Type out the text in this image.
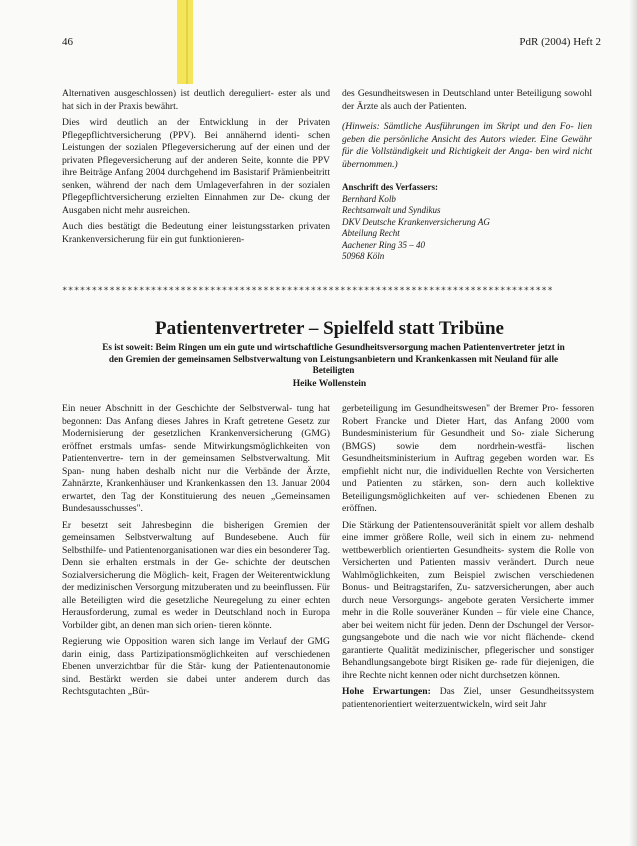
46	PdR (2004) Heft 2

Alternativen ausgeschlossen) ist deutlich dereguliert- ester als und hat sich in der Praxis bewährt.

Dies wird deutlich an der Entwicklung in der Privaten Pflegepflichtversicherung (PPV). Bei annähernd identi- schen Leistungen der sozialen Pflegeversicherung auf der einen und der privaten Pflegeversicherung auf der anderen Seite, konnte die PPV ihre Beiträge Anfang 2004 durchgehend im Basistarif Prämienbeitritt senken, während der nach dem Umlageverfahren in der sozialen Pflegepflichtversicherung erzielten Einnahmen zur De- ckung der Ausgaben nicht mehr ausreichen.

Auch dies bestätigt die Bedeutung einer leistungsstarken privaten Krankenversicherung für ein gut funktionieren-

des Gesundheitswesen in Deutschland unter Beteiligung sowohl der Ärzte als auch der Patienten.

(Hinweis: Sämtliche Ausführungen im Skript und den Fo- lien geben die persönliche Ansicht des Autors wieder. Eine Gewähr für die Vollständigkeit und Richtigkeit der Anga- ben wird nicht übernommen.)

Anschrift des Verfassers:
Bernhard Kolb
Rechtsanwalt und Syndikus
DKV Deutsche Krankenversicherung AG
Abteilung Recht
Aachener Ring 35 – 40
50968 Köln
***********************************************************************************
Patientenvertreter – Spielfeld statt Tribüne
Es ist soweit: Beim Ringen um ein gute und wirtschaftliche Gesundheitsversorgung machen Patientenvertreter jetzt in den Gremien der gemeinsamen Selbstverwaltung von Leistungsanbietern und Krankenkassen mit Neuland für alle Beteiligten
Heike Wollenstein

Ein neuer Abschnitt in der Geschichte der Selbstverwal- tung hat begonnen: Das Anfang dieses Jahres in Kraft getretene Gesetz zur Modernisierung der gesetzlichen Krankenversicherung (GMG) eröffnet erstmals umfas- sende Mitwirkungsmöglichkeiten von Patientenvertre- tern in der gemeinsamen Selbstverwaltung. Mit Span- nung haben deshalb nicht nur die Verbände der Ärzte, Zahnärzte, Krankenhäuser und Krankenkassen den 13. Januar 2004 erwartet, den Tag der Konstituierung des neuen „Gemeinsamen Bundesausschusses".

Er besetzt seit Jahresbeginn die bisherigen Gremien der gemeinsamen Selbstverwaltung auf Bundesebene. Auch für Selbsthilfe- und Patientenorganisationen war dies ein besonderer Tag. Denn sie erhalten erstmals in der Ge- schichte der deutschen Sozialversicherung die Möglich- keit, Fragen der Weiterentwicklung der medizinischen Versorgung mitzuberaten und zu beeinflussen. Für alle Beteiligten wird die gesetzliche Neuregelung zu einer echten Herausforderung, zumal es weder in Deutschland noch in Europa Vorbilder gibt, an denen man sich orien- tieren könnte.

Regierung wie Opposition waren sich lange im Verlauf der GMG darin einig, dass Partizipationsmöglichkeiten auf verschiedenen Ebenen unverzichtbar für die Stär- kung der Patientenautonomie sind. Bestärkt werden sie dabei unter anderem durch das Rechtsgutachten „Bür-

gerbeteiligung im Gesundheitswesen" der Bremer Pro- fessoren Robert Francke und Dieter Hart, das Anfang 2000 vom Bundesministerium für Gesundheit und So- ziale Sicherung (BMGS) sowie dem nordrhein-westfä- lischen Gesundheitsministerium in Auftrag gegeben worden war. Es empfiehlt nicht nur, die individuellen Rechte von Versicherten und Patienten zu stärken, son- dern auch kollektive Beteiligungsmöglichkeiten auf ver- schiedenen Ebenen zu eröffnen.

Die Stärkung der Patientensouveränität spielt vor allem deshalb eine immer größere Rolle, weil sich in einem zu- nehmend wettbewerblich orientierten Gesundheits- system die Rolle von Versicherten und Patienten massiv verändert. Durch neue Wahlmöglichkeiten, zum Beispiel zwischen verschiedenen Bonus- und Beitragstarifen, Zu- satzversicherungen, aber auch durch neue Versorgungs- angebote geraten Versicherte immer mehr in die Rolle souveräner Kunden – für viele eine Chance, aber bei weitem nicht für jeden. Denn der Dschungel der Versor- gungsangebote und die nach wie vor nicht flächende- ckend garantierte Qualität medizinischer, pflegerischer und sonstiger Behandlungsangebote birgt Risiken ge- rade für diejenigen, die ihre Rechte nicht kennen oder nicht durchsetzen können.

Hohe Erwartungen: Das Ziel, unser Gesundheitssystem patientenorientiert weiterzuentwickeln, wird seit Jahr
